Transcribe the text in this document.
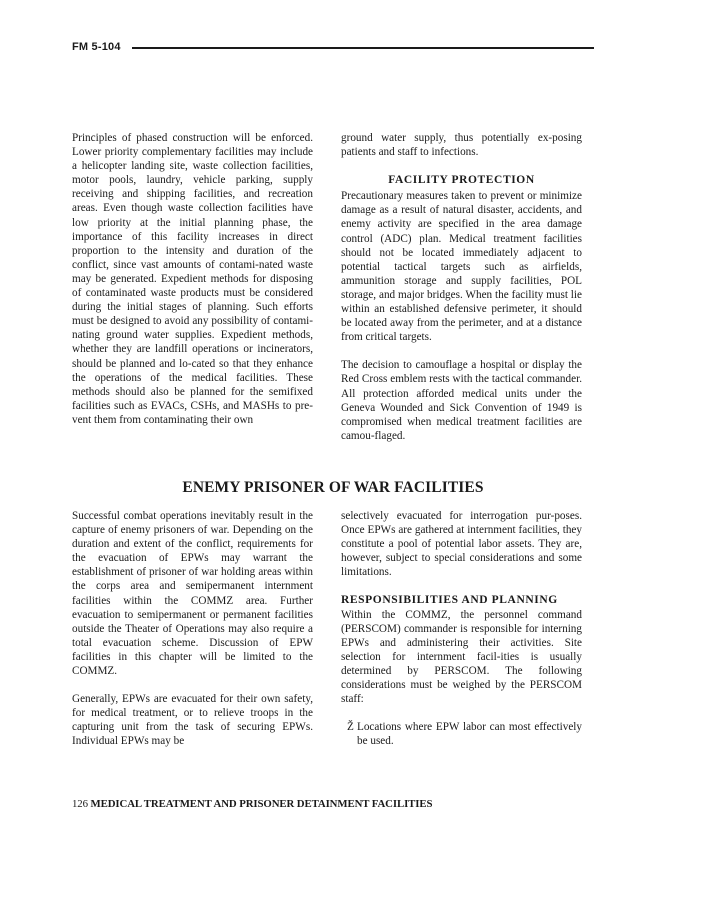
FM 5-104

Principles of phased construction will be enforced. Lower priority complementary facilities may include a helicopter landing site, waste collection facilities, motor pools, laundry, vehicle parking, supply receiving and shipping facilities, and recreation areas. Even though waste collection facilities have low priority at the initial planning phase, the importance of this facility increases in direct proportion to the intensity and duration of the conflict, since vast amounts of contami-nated waste may be generated. Expedient methods for disposing of contaminated waste products must be considered during the initial stages of planning. Such efforts must be designed to avoid any possibility of contami-nating ground water supplies. Expedient methods, whether they are landfill operations or incinerators, should be planned and lo-cated so that they enhance the operations of the medical facilities. These methods should also be planned for the semifixed facilities such as EVACs, CSHs, and MASHs to pre-vent them from contaminating their own

ground water supply, thus potentially ex-posing patients and staff to infections.

FACILITY PROTECTION

Precautionary measures taken to prevent or minimize damage as a result of natural disaster, accidents, and enemy activity are specified in the area damage control (ADC) plan. Medical treatment facilities should not be located immediately adjacent to potential tactical targets such as airfields, ammunition storage and supply facilities, POL storage, and major bridges. When the facility must lie within an established defensive perimeter, it should be located away from the perimeter, and at a distance from critical targets.

The decision to camouflage a hospital or display the Red Cross emblem rests with the tactical commander. All protection afforded medical units under the Geneva Wounded and Sick Convention of 1949 is compromised when medical treatment facilities are camou-flaged.

ENEMY PRISONER OF WAR FACILITIES

Successful combat operations inevitably result in the capture of enemy prisoners of war. Depending on the duration and extent of the conflict, requirements for the evacuation of EPWs may warrant the establishment of prisoner of war holding areas within the corps area and semipermanent internment facilities within the COMMZ area. Further evacuation to semipermanent or permanent facilities outside the Theater of Operations may also require a total evacuation scheme. Discussion of EPW facilities in this chapter will be limited to the COMMZ.

Generally, EPWs are evacuated for their own safety, for medical treatment, or to relieve troops in the capturing unit from the task of securing EPWs. Individual EPWs may be

selectively evacuated for interrogation pur-poses. Once EPWs are gathered at internment facilities, they constitute a pool of potential labor assets. They are, however, subject to special considerations and some limitations.

RESPONSIBILITIES AND PLANNING

Within the COMMZ, the personnel command (PERSCOM) commander is responsible for interning EPWs and administering their activities. Site selection for internment facil-ities is usually determined by PERSCOM. The following considerations must be weighed by the PERSCOM staff:

Ž Locations where EPW labor can most effectively be used.
126 MEDICAL TREATMENT AND PRISONER DETAINMENT FACILITIES
